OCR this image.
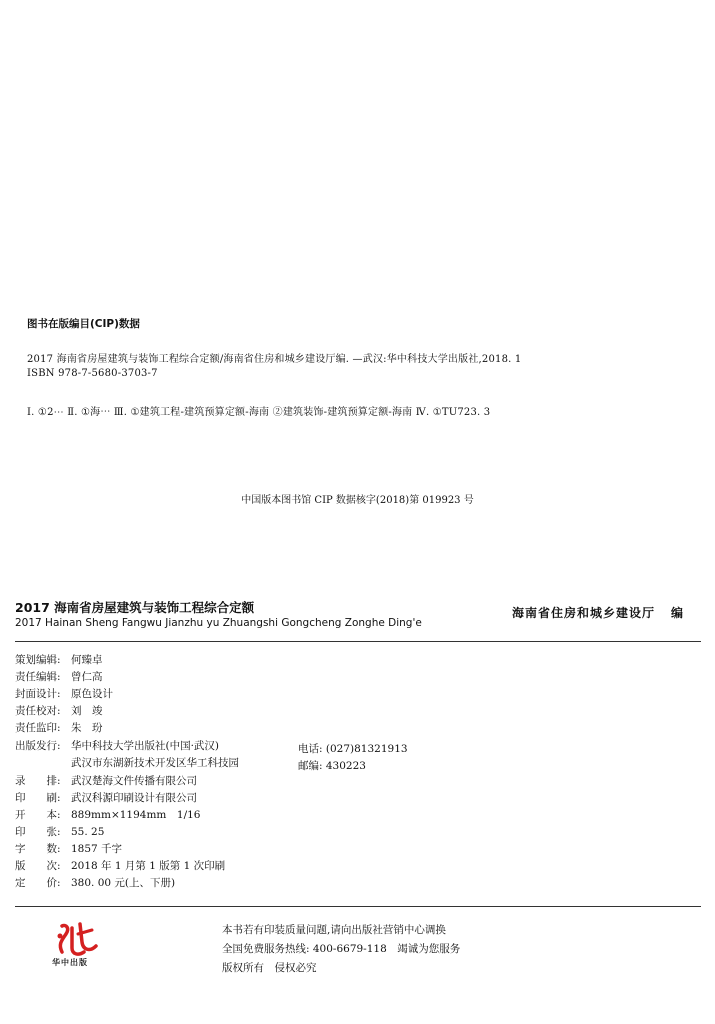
图书在版编目(CIP)数据
2017 海南省房屋建筑与装饰工程综合定额/海南省住房和城乡建设厅编. —武汉:华中科技大学出版社,2018. 1
ISBN 978-7-5680-3703-7
Ⅰ. ①2⋯ Ⅱ. ①海⋯ Ⅲ. ①建筑工程-建筑预算定额-海南 ②建筑装饰-建筑预算定额-海南 Ⅳ. ①TU723. 3
中国版本图书馆 CIP 数据核字(2018)第 019923 号
2017 海南省房屋建筑与装饰工程综合定额
2017 Hainan Sheng Fangwu Jianzhu yu Zhuangshi Gongcheng Zonghe Ding'e
海南省住房和城乡建设厅 编
策划编辑: 何臻卓
责任编辑: 曾仁高
封面设计: 原色设计
责任校对: 刘　竣
责任监印: 朱　玢
出版发行: 华中科技大学出版社(中国·武汉)
武汉市东湖新技术开发区华工科技园
录　　排: 武汉楚海文件传播有限公司
印　　刷: 武汉科源印刷设计有限公司
开　　本: 889mm×1194mm　1/16
印　　张: 55. 25
字　　数: 1857 千字
版　　次: 2018 年 1 月第 1 版第 1 次印刷
定　　价: 380. 00 元(上、下册)
电话: (027)81321913
邮编: 430223
华中出版
本书若有印装质量问题,请向出版社营销中心调换
全国免费服务热线: 400-6679-118　竭诚为您服务
版权所有　侵权必究
